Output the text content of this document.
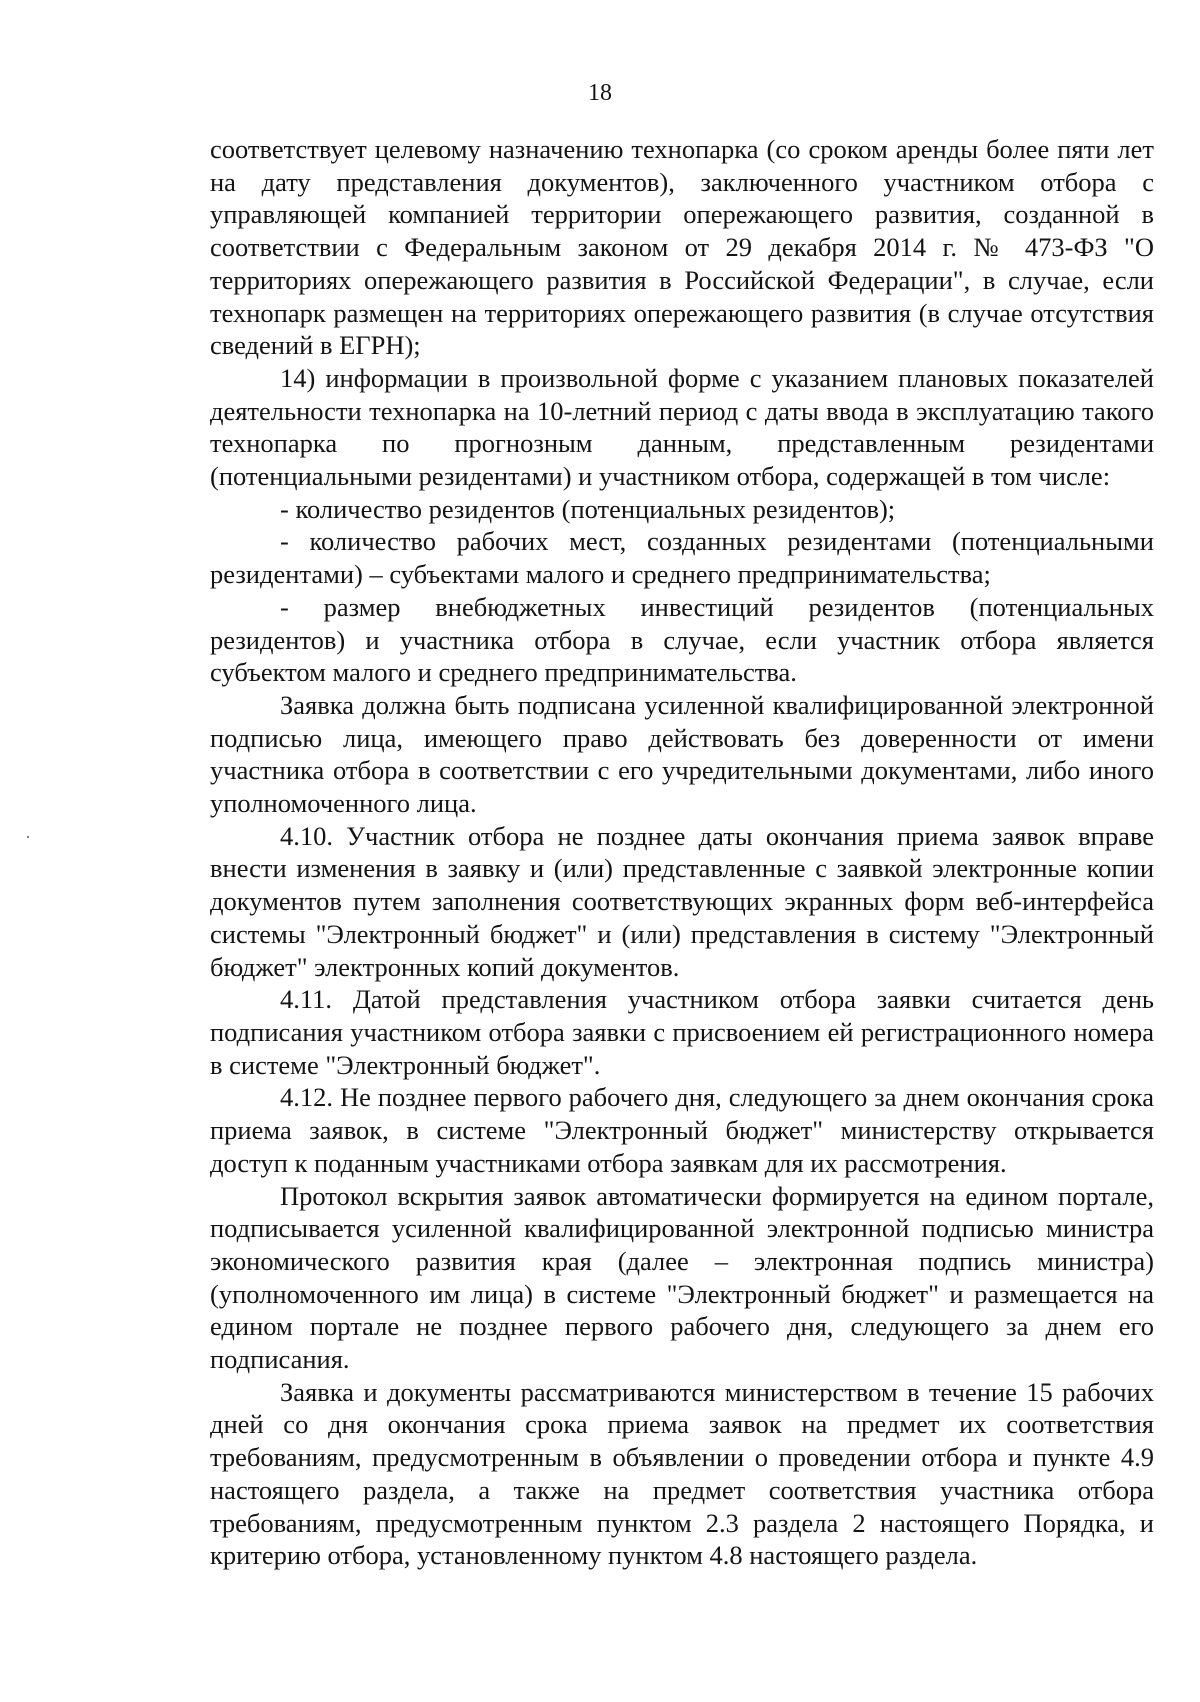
18

соответствует целевому назначению технопарка (со сроком аренды более пяти лет на дату представления документов), заключенного участником отбора с управляющей компанией территории опережающего развития, созданной в соответствии с Федеральным законом от 29 декабря 2014 г. № 473-ФЗ "О территориях опережающего развития в Российской Федерации", в случае, если технопарк размещен на территориях опережающего развития (в случае отсутствия сведений в ЕГРН);

14) информации в произвольной форме с указанием плановых показателей деятельности технопарка на 10-летний период с даты ввода в эксплуатацию такого технопарка по прогнозным данным, представленным резидентами (потенциальными резидентами) и участником отбора, содержащей в том числе:

- количество резидентов (потенциальных резидентов);

- количество рабочих мест, созданных резидентами (потенциальными резидентами) – субъектами малого и среднего предпринимательства;

- размер внебюджетных инвестиций резидентов (потенциальных резидентов) и участника отбора в случае, если участник отбора является субъектом малого и среднего предпринимательства.

Заявка должна быть подписана усиленной квалифицированной электронной подписью лица, имеющего право действовать без доверенности от имени участника отбора в соответствии с его учредительными документами, либо иного уполномоченного лица.

4.10. Участник отбора не позднее даты окончания приема заявок вправе внести изменения в заявку и (или) представленные с заявкой электронные копии документов путем заполнения соответствующих экранных форм веб-интерфейса системы "Электронный бюджет" и (или) представления в систему "Электронный бюджет" электронных копий документов.

4.11. Датой представления участником отбора заявки считается день подписания участником отбора заявки с присвоением ей регистрационного номера в системе "Электронный бюджет".

4.12. Не позднее первого рабочего дня, следующего за днем окончания срока приема заявок, в системе "Электронный бюджет" министерству открывается доступ к поданным участниками отбора заявкам для их рассмотрения.

Протокол вскрытия заявок автоматически формируется на едином портале, подписывается усиленной квалифицированной электронной подписью министра экономического развития края (далее – электронная подпись министра) (уполномоченного им лица) в системе "Электронный бюджет" и размещается на едином портале не позднее первого рабочего дня, следующего за днем его подписания.

Заявка и документы рассматриваются министерством в течение 15 рабочих дней со дня окончания срока приема заявок на предмет их соответствия требованиям, предусмотренным в объявлении о проведении отбора и пункте 4.9 настоящего раздела, а также на предмет соответствия участника отбора требованиям, предусмотренным пунктом 2.3 раздела 2 настоящего Порядка, и критерию отбора, установленному пунктом 4.8 настоящего раздела.
